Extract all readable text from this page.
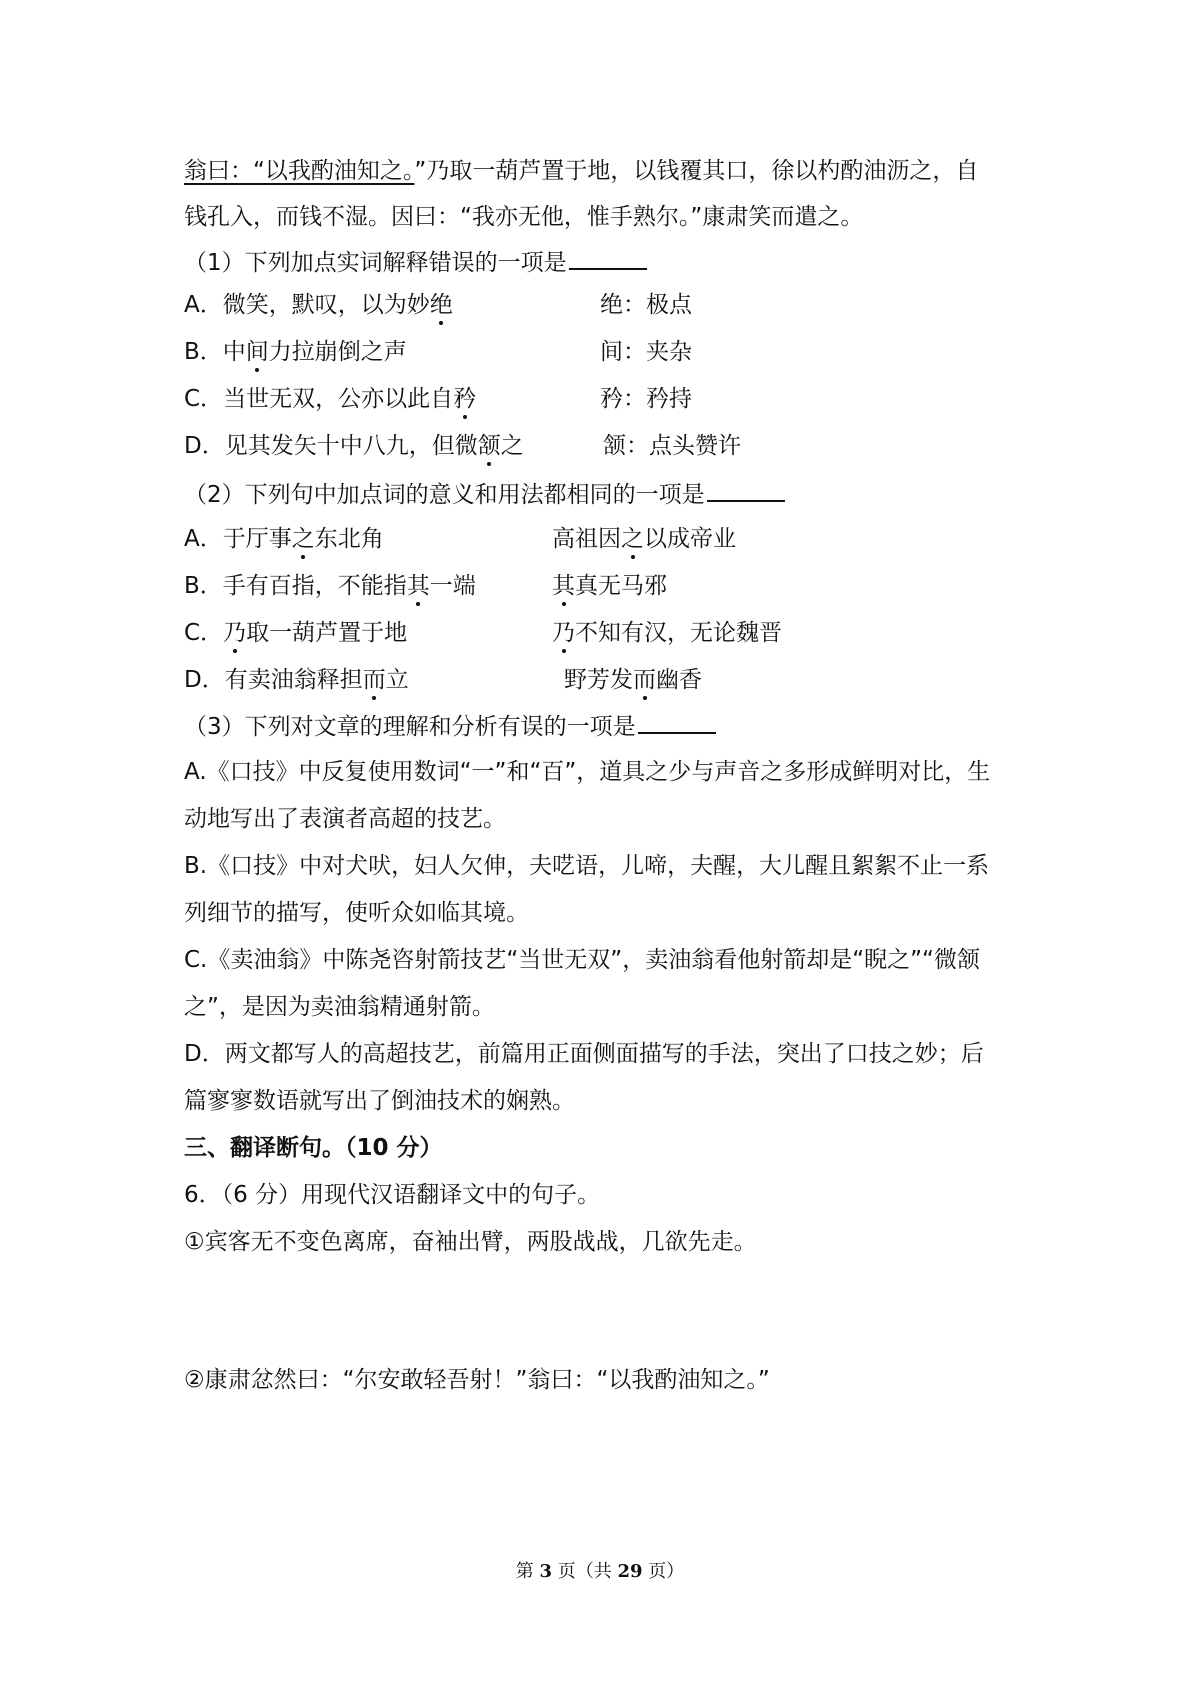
翁曰：“以我酌油知之。”乃取一葫芦置于地，以钱覆其口，徐以杓酌油沥之，自
钱孔入，而钱不湿。因曰：“我亦无他，惟手熟尔。”康肃笑而遣之。
（1）下列加点实词解释错误的一项是
A．微笑，默叹，以为妙绝	绝：极点
B．中间力拉崩倒之声	间：夹杂
C．当世无双，公亦以此自矜	矜：矜持
D．见其发矢十中八九，但微颔之	颔：点头赞许
（2）下列句中加点词的意义和用法都相同的一项是
A．于厅事之东北角	高祖因之以成帝业
B．手有百指，不能指其一端	其真无马邪
C．乃取一葫芦置于地	乃不知有汉，无论魏晋
D．有卖油翁释担而立	野芳发而幽香
（3）下列对文章的理解和分析有误的一项是
A.《口技》中反复使用数词“一”和“百”，道具之少与声音之多形成鲜明对比，生
动地写出了表演者高超的技艺。
B.《口技》中对犬吠，妇人欠伸，夫呓语，儿啼，夫醒，大儿醒且絮絮不止一系
列细节的描写，使听众如临其境。
C.《卖油翁》中陈尧咨射箭技艺“当世无双”，卖油翁看他射箭却是“睨之”“微颔
之”，是因为卖油翁精通射箭。
D．两文都写人的高超技艺，前篇用正面侧面描写的手法，突出了口技之妙；后
篇寥寥数语就写出了倒油技术的娴熟。
三、翻译断句。（10 分）
6．（6 分）用现代汉语翻译文中的句子。
①宾客无不变色离席，奋袖出臂，两股战战，几欲先走。
②康肃忿然曰：“尔安敢轻吾射！”翁曰：“以我酌油知之。”
第 3 页（共 29 页）
